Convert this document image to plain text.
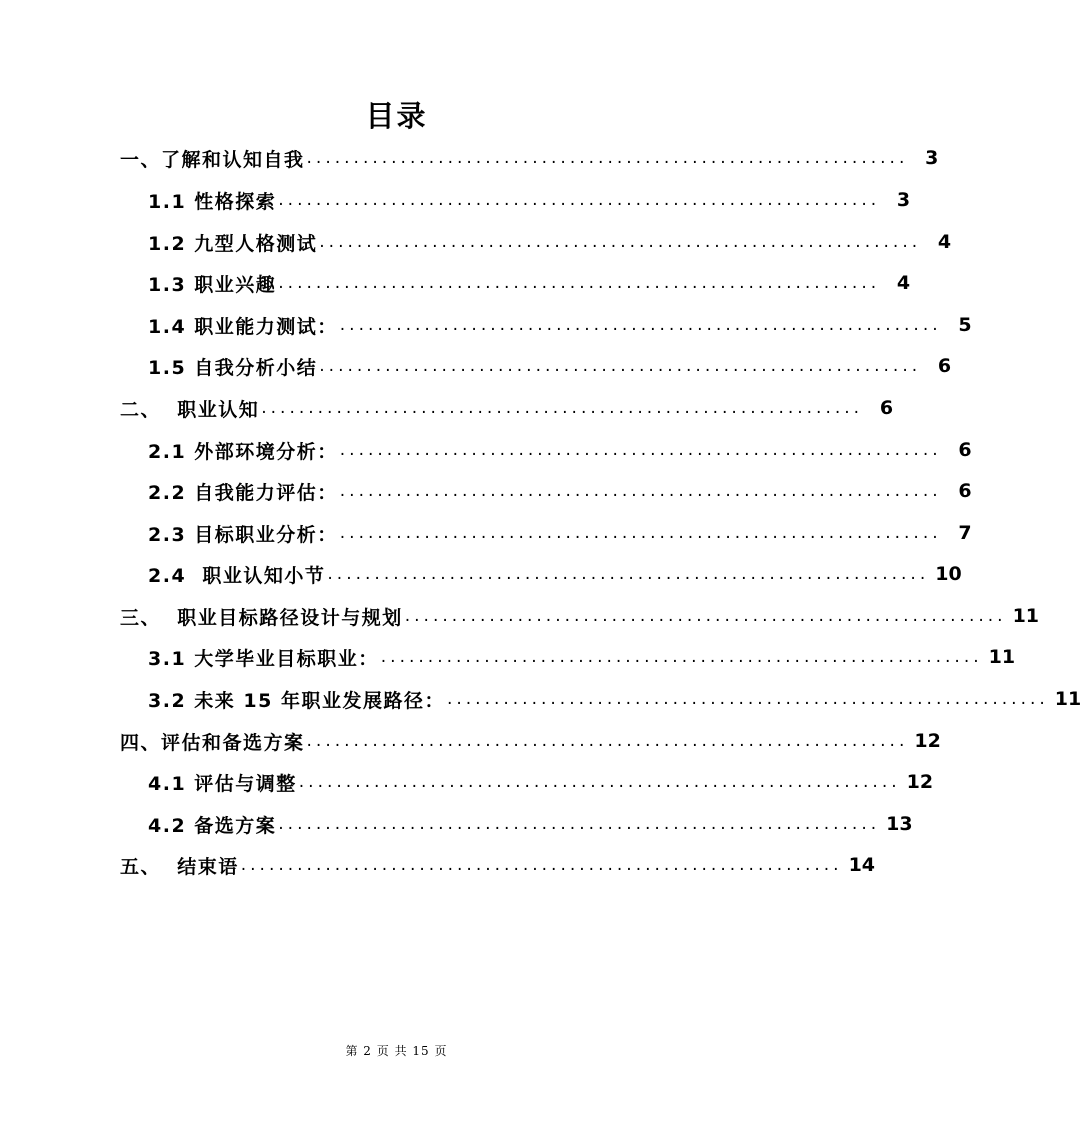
目录
一、了解和认知自我 ................................................................ 3
1.1 性格探索 ................................................................ 3
1.2 九型人格测试 ................................................................ 4
1.3 职业兴趣 ................................................................ 4
1.4 职业能力测试： ................................................................ 5
1.5 自我分析小结 ................................................................ 6
二、  职业认知 ................................................................ 6
2.1 外部环境分析： ................................................................ 6
2.2 自我能力评估： ................................................................ 6
2.3 目标职业分析： ................................................................ 7
2.4  职业认知小节 ................................................................ 10
三、  职业目标路径设计与规划 ................................................................ 11
3.1 大学毕业目标职业： ................................................................ 11
3.2 未来 15 年职业发展路径： ................................................................ 11
四、评估和备选方案 ................................................................ 12
4.1 评估与调整 ................................................................ 12
4.2 备选方案 ................................................................ 13
五、  结束语 ................................................................ 14
第 2 页 共 15 页
